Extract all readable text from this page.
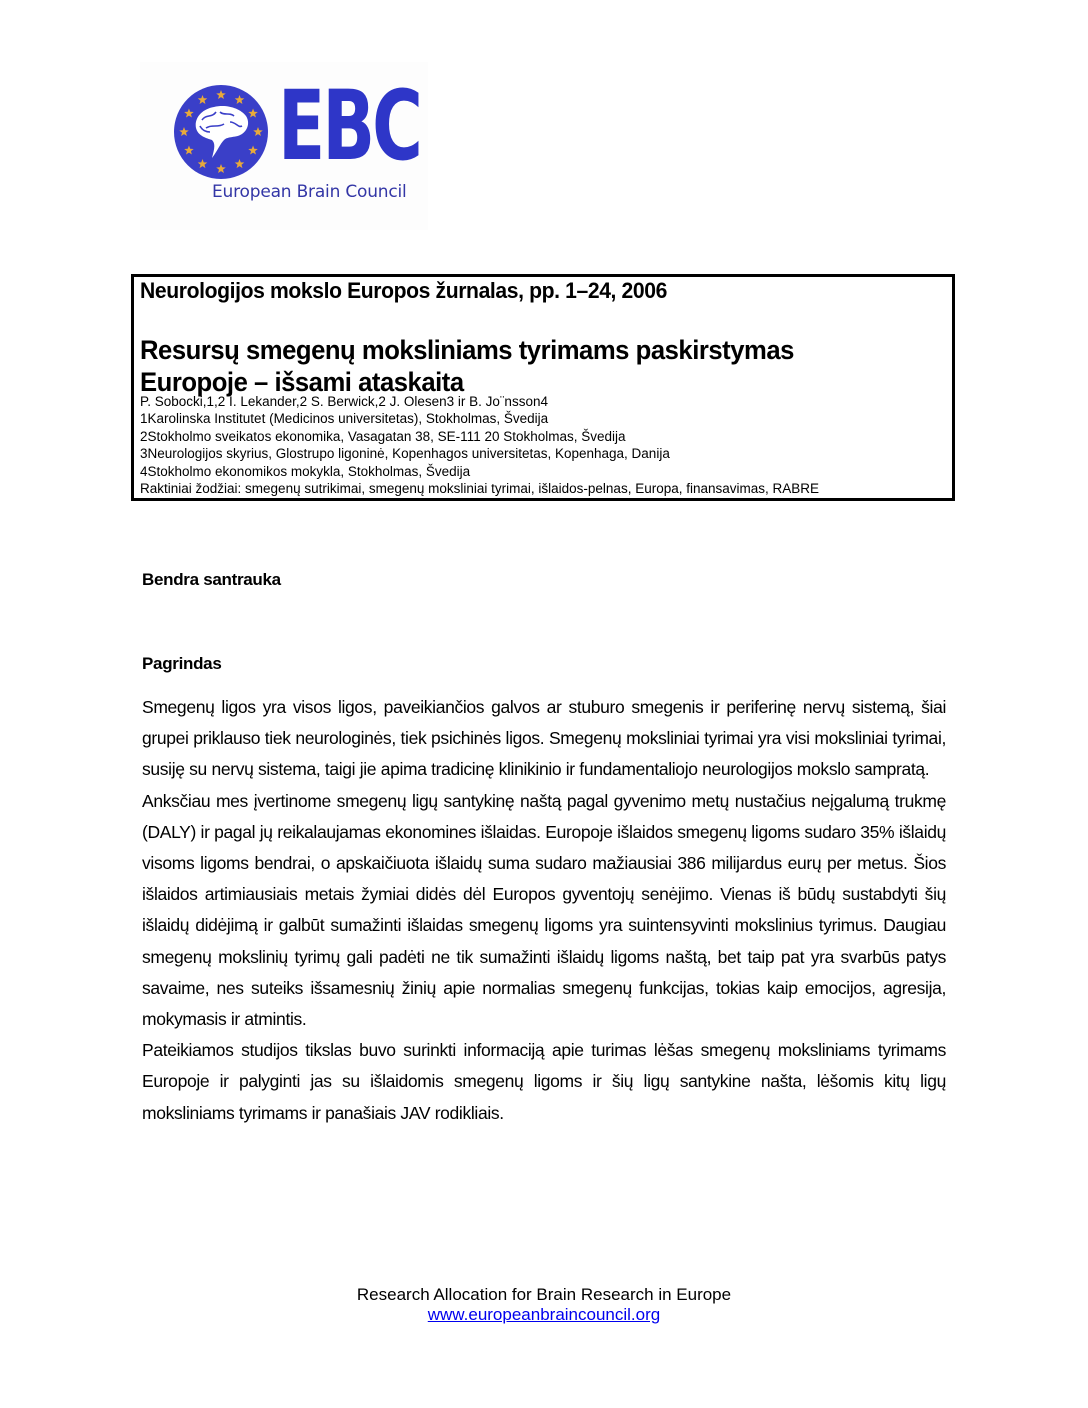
EBC
European Brain Council
Neurologijos mokslo Europos žurnalas, pp. 1–24, 2006
Resursų smegenų moksliniams tyrimams paskirstymas
Europoje – išsami ataskaita
P. Sobocki,1,2 I. Lekander,2 S. Berwick,2 J. Olesen3 ir B. Jo¨nsson4
1Karolinska Institutet (Medicinos universitetas), Stokholmas, Švedija
2Stokholmo sveikatos ekonomika, Vasagatan 38, SE-111 20 Stokholmas, Švedija
3Neurologijos skyrius, Glostrupo ligoninė, Kopenhagos universitetas, Kopenhaga, Danija
4Stokholmo ekonomikos mokykla, Stokholmas, Švedija
Raktiniai žodžiai: smegenų sutrikimai, smegenų moksliniai tyrimai, išlaidos-pelnas, Europa, finansavimas, RABRE
Bendra santrauka
Pagrindas

Smegenų ligos yra visos ligos, paveikiančios galvos ar stuburo smegenis ir periferinę nervų sistemą, šiai grupei priklauso tiek neurologinės, tiek psichinės ligos. Smegenų moksliniai tyrimai yra visi moksliniai tyrimai, susiję su nervų sistema, taigi jie apima tradicinę klinikinio ir fundamentaliojo neurologijos mokslo sampratą.

Anksčiau mes įvertinome smegenų ligų santykinę naštą pagal gyvenimo metų nustačius neįgalumą trukmę (DALY) ir pagal jų reikalaujamas ekonomines išlaidas. Europoje išlaidos smegenų ligoms sudaro 35% išlaidų visoms ligoms bendrai, o apskaičiuota išlaidų suma sudaro mažiausiai 386 milijardus eurų per metus. Šios išlaidos artimiausiais metais žymiai didės dėl Europos gyventojų senėjimo. Vienas iš būdų sustabdyti šių išlaidų didėjimą ir galbūt sumažinti išlaidas smegenų ligoms yra suintensyvinti mokslinius tyrimus. Daugiau smegenų mokslinių tyrimų gali padėti ne tik sumažinti išlaidų ligoms naštą, bet taip pat yra svarbūs patys savaime, nes suteiks išsamesnių žinių apie normalias smegenų funkcijas, tokias kaip emocijos, agresija, mokymasis ir atmintis.

Pateikiamos studijos tikslas buvo surinkti informaciją apie turimas lėšas smegenų moksliniams tyrimams Europoje ir palyginti jas su išlaidomis smegenų ligoms ir šių ligų santykine našta, lėšomis kitų ligų moksliniams tyrimams ir panašiais JAV rodikliais.

Research Allocation for Brain Research in Europe
www.europeanbraincouncil.org
